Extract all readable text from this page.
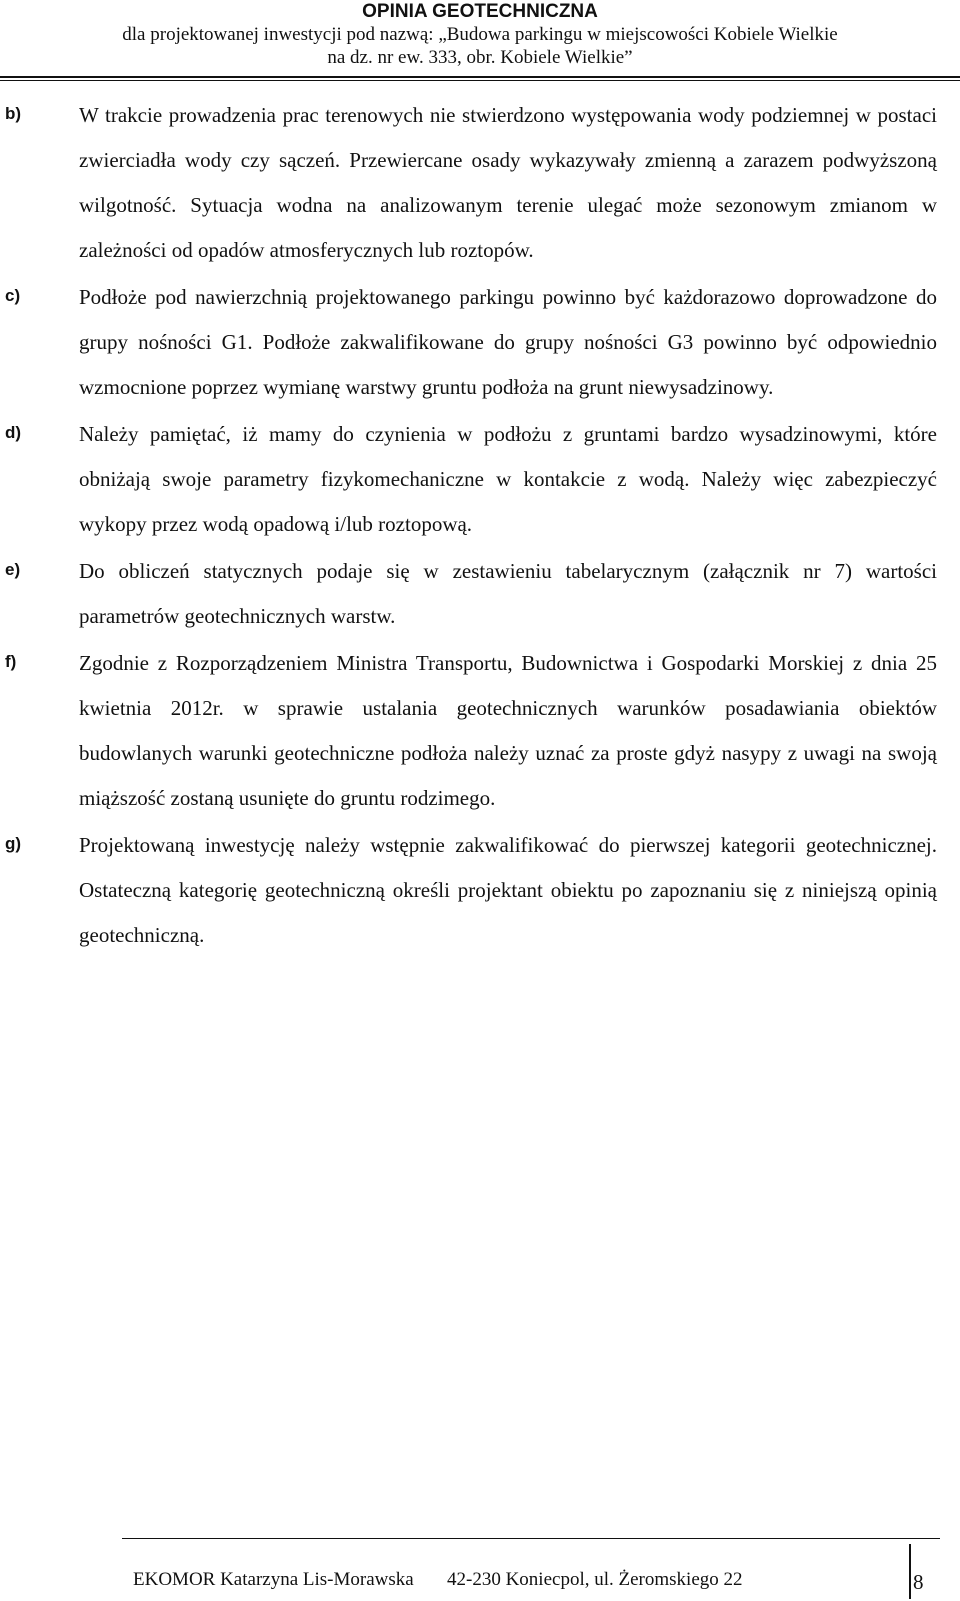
OPINIA GEOTECHNICZNA
dla projektowanej inwestycji pod nazwą: „Budowa parkingu w miejscowości Kobiele Wielkie
na dz. nr ew. 333, obr. Kobiele Wielkie”
b)	W trakcie prowadzenia prac terenowych nie stwierdzono występowania wody podziemnej w postaci zwierciadła wody czy sączeń. Przewiercane osady wykazywały zmienną a zarazem podwyższoną wilgotność. Sytuacja wodna na analizowanym terenie ulegać może sezonowym zmianom w zależności od opadów atmosferycznych lub roztopów.
c)	Podłoże pod nawierzchnią projektowanego parkingu powinno być każdorazowo doprowadzone do grupy nośności G1. Podłoże zakwalifikowane do grupy nośności G3 powinno być odpowiednio wzmocnione poprzez wymianę warstwy gruntu podłoża na grunt niewysadzinowy.
d)	Należy pamiętać, iż mamy do czynienia w podłożu z gruntami bardzo wysadzinowymi, które obniżają swoje parametry fizykomechaniczne w kontakcie z wodą. Należy więc zabezpieczyć wykopy przez wodą opadową i/lub roztopową.
e)	Do obliczeń statycznych podaje się w zestawieniu tabelarycznym (załącznik nr 7) wartości parametrów geotechnicznych warstw.
f)	Zgodnie z Rozporządzeniem Ministra Transportu, Budownictwa i Gospodarki Morskiej z dnia 25 kwietnia 2012r. w sprawie ustalania geotechnicznych warunków posadawiania obiektów budowlanych warunki geotechniczne podłoża należy uznać za proste gdyż nasypy z uwagi na swoją miąższość zostaną usunięte do gruntu rodzimego.
g)	Projektowaną inwestycję należy wstępnie zakwalifikować do pierwszej kategorii geotechnicznej. Ostateczną kategorię geotechniczną określi projektant obiektu po zapoznaniu się z niniejszą opinią geotechniczną.
EKOMOR Katarzyna Lis-Morawska	42-230 Koniecpol, ul. Żeromskiego 22	8
